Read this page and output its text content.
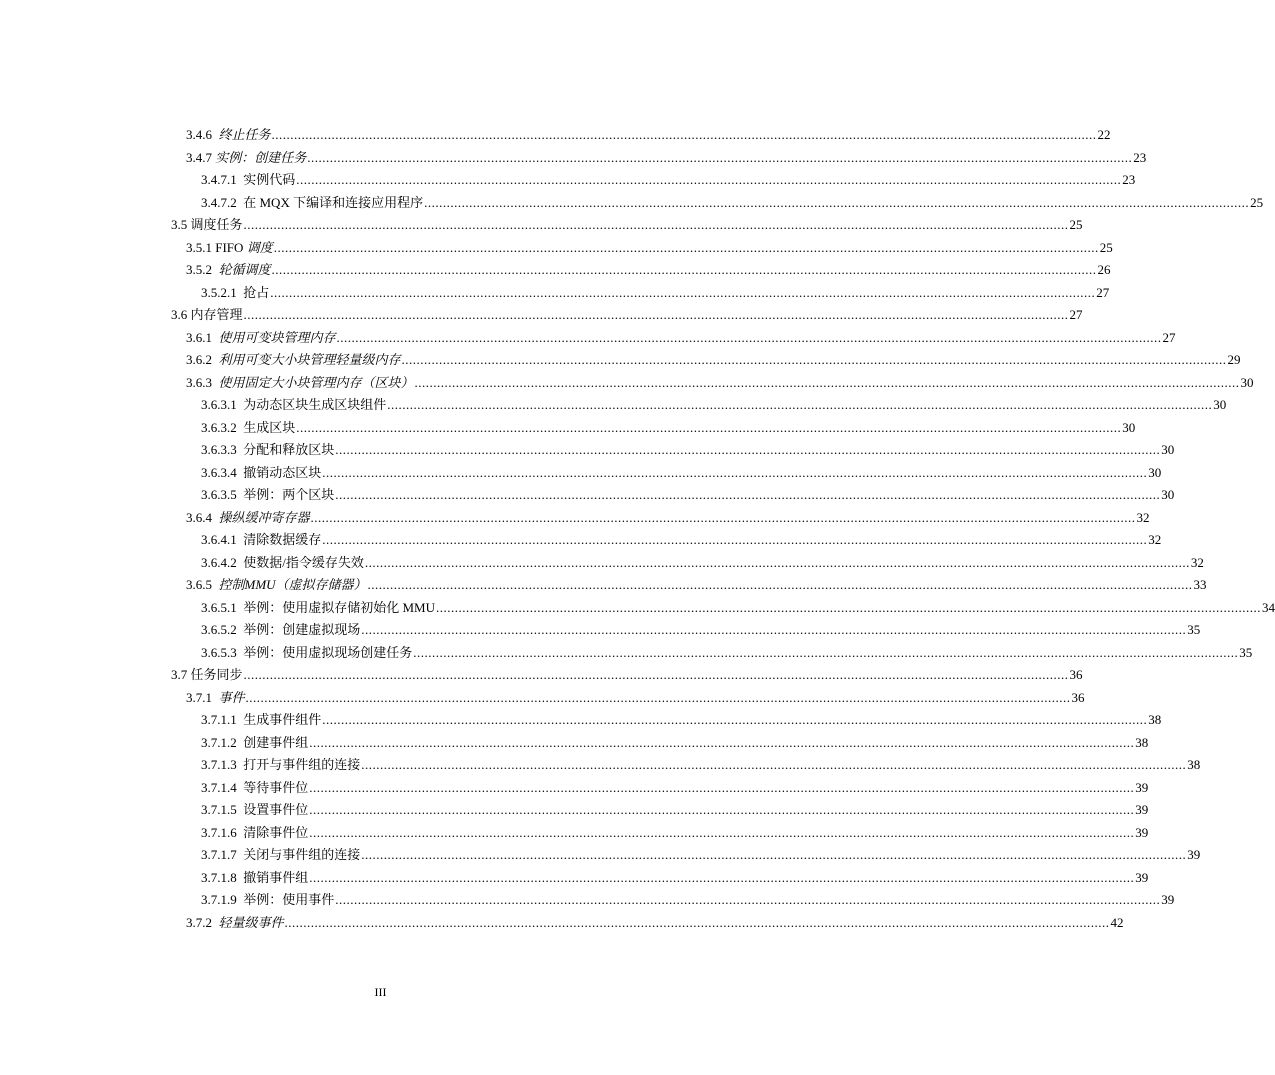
3.4.6 终止任务 ............................................................................................................................................................................................................................ 22
3.4.7 实例：创建任务 ............................................................................................................................................................................................................................ 23
3.4.7.1 实例代码 ............................................................................................................................................................................................................................ 23
3.4.7.2 在 MQX 下编译和连接应用程序 ............................................................................................................................................................................................................................ 25
3.5 调度任务 ............................................................................................................................................................................................................................ 25
3.5.1 FIFO 调度 ............................................................................................................................................................................................................................ 25
3.5.2 轮循调度 ............................................................................................................................................................................................................................ 26
3.5.2.1 抢占 ............................................................................................................................................................................................................................ 27
3.6 内存管理 ............................................................................................................................................................................................................................ 27
3.6.1 使用可变块管理内存 ............................................................................................................................................................................................................................ 27
3.6.2 利用可变大小块管理轻量级内存 ............................................................................................................................................................................................................................ 29
3.6.3 使用固定大小块管理内存（区块） ............................................................................................................................................................................................................................ 30
3.6.3.1 为动态区块生成区块组件 ............................................................................................................................................................................................................................ 30
3.6.3.2 生成区块 ............................................................................................................................................................................................................................ 30
3.6.3.3 分配和释放区块 ............................................................................................................................................................................................................................ 30
3.6.3.4 撤销动态区块 ............................................................................................................................................................................................................................ 30
3.6.3.5 举例：两个区块 ............................................................................................................................................................................................................................ 30
3.6.4 操纵缓冲寄存器 ............................................................................................................................................................................................................................ 32
3.6.4.1 清除数据缓存 ............................................................................................................................................................................................................................ 32
3.6.4.2 使数据/指令缓存失效 ............................................................................................................................................................................................................................ 32
3.6.5 控制MMU（虚拟存储器） ............................................................................................................................................................................................................................ 33
3.6.5.1 举例：使用虚拟存储初始化 MMU ............................................................................................................................................................................................................................ 34
3.6.5.2 举例：创建虚拟现场 ............................................................................................................................................................................................................................ 35
3.6.5.3 举例：使用虚拟现场创建任务 ............................................................................................................................................................................................................................ 35
3.7 任务同步 ............................................................................................................................................................................................................................ 36
3.7.1 事件 ............................................................................................................................................................................................................................ 36
3.7.1.1 生成事件组件 ............................................................................................................................................................................................................................ 38
3.7.1.2 创建事件组 ............................................................................................................................................................................................................................ 38
3.7.1.3 打开与事件组的连接 ............................................................................................................................................................................................................................ 38
3.7.1.4 等待事件位 ............................................................................................................................................................................................................................ 39
3.7.1.5 设置事件位 ............................................................................................................................................................................................................................ 39
3.7.1.6 清除事件位 ............................................................................................................................................................................................................................ 39
3.7.1.7 关闭与事件组的连接 ............................................................................................................................................................................................................................ 39
3.7.1.8 撤销事件组 ............................................................................................................................................................................................................................ 39
3.7.1.9 举例：使用事件 ............................................................................................................................................................................................................................ 39
3.7.2 轻量级事件 ............................................................................................................................................................................................................................ 42
III
